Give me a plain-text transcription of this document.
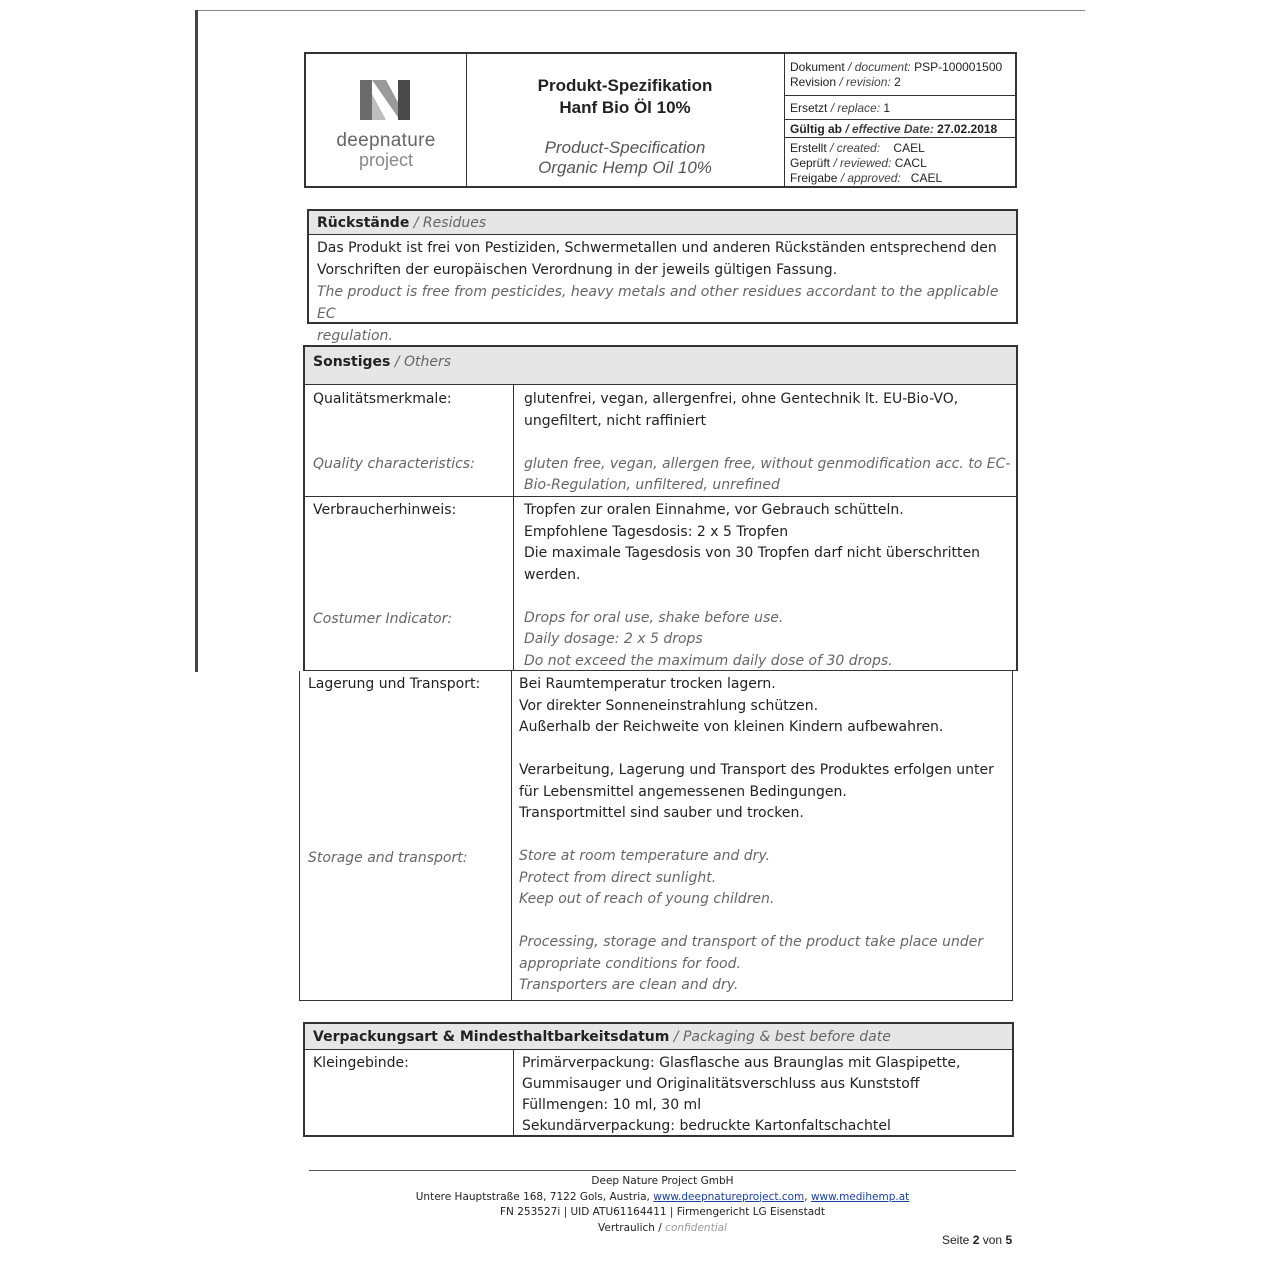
deepnature
project
Produkt-Spezifikation
Hanf Bio Öl 10%
Product-Specification
Organic Hemp Oil 10%
Dokument / document: PSP-100001500
Revision / revision: 2
Ersetzt / replace: 1
Gültig ab / effective Date: 27.02.2018
Erstellt / created: CAEL
Geprüft / reviewed: CACL
Freigabe / approved: CAEL
Rückstände / Residues
Das Produkt ist frei von Pestiziden, Schwermetallen und anderen Rückständen entsprechend den
Vorschriften der europäischen Verordnung in der jeweils gültigen Fassung.
The product is free from pesticides, heavy metals and other residues accordant to the applicable EC
regulation.
Sonstiges / Others
Qualitätsmerkmale:
Quality characteristics:
glutenfrei, vegan, allergenfrei, ohne Gentechnik lt. EU-Bio-VO,
ungefiltert, nicht raffiniert
gluten free, vegan, allergen free, without genmodification acc. to EC-
Bio-Regulation, unfiltered, unrefined
Verbraucherhinweis:
Costumer Indicator:
Tropfen zur oralen Einnahme, vor Gebrauch schütteln.
Empfohlene Tagesdosis: 2 x 5 Tropfen
Die maximale Tagesdosis von 30 Tropfen darf nicht überschritten
werden.
Drops for oral use, shake before use.
Daily dosage: 2 x 5 drops
Do not exceed the maximum daily dose of 30 drops.
Lagerung und Transport:
Storage and transport:
Bei Raumtemperatur trocken lagern.
Vor direkter Sonneneinstrahlung schützen.
Außerhalb der Reichweite von kleinen Kindern aufbewahren.
Verarbeitung, Lagerung und Transport des Produktes erfolgen unter
für Lebensmittel angemessenen Bedingungen.
Transportmittel sind sauber und trocken.
Store at room temperature and dry.
Protect from direct sunlight.
Keep out of reach of young children.
Processing, storage and transport of the product take place under
appropriate conditions for food.
Transporters are clean and dry.
Verpackungsart & Mindesthaltbarkeitsdatum / Packaging & best before date
Kleingebinde:	Primärverpackung: Glasflasche aus Braunglas mit Glaspipette,
Gummisauger und Originalitätsverschluss aus Kunststoff
Füllmengen: 10 ml, 30 ml
Sekundärverpackung: bedruckte Kartonfaltschachtel
Deep Nature Project GmbH
Untere Hauptstraße 168, 7122 Gols, Austria, www.deepnatureproject.com, www.medihemp.at
FN 253527i | UID ATU61164411 | Firmengericht LG Eisenstadt
Vertraulich / confidential
Seite 2 von 5
